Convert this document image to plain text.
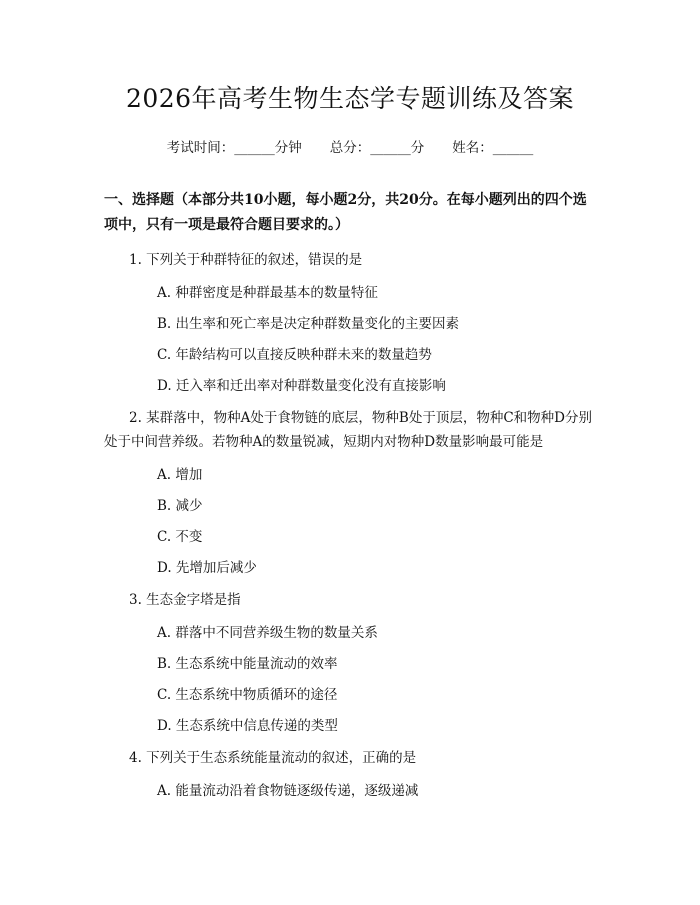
2026年高考生物生态学专题训练及答案
考试时间：______分钟 总分：______分 姓名：______
一、选择题（本部分共10小题，每小题2分，共20分。在每小题列出的四个选项中，只有一项是最符合题目要求的。）
1. 下列关于种群特征的叙述，错误的是
A. 种群密度是种群最基本的数量特征
B. 出生率和死亡率是决定种群数量变化的主要因素
C. 年龄结构可以直接反映种群未来的数量趋势
D. 迁入率和迁出率对种群数量变化没有直接影响
2. 某群落中，物种A处于食物链的底层，物种B处于顶层，物种C和物种D分别处于中间营养级。若物种A的数量锐减，短期内对物种D数量影响最可能是
A. 增加
B. 减少
C. 不变
D. 先增加后减少
3. 生态金字塔是指
A. 群落中不同营养级生物的数量关系
B. 生态系统中能量流动的效率
C. 生态系统中物质循环的途径
D. 生态系统中信息传递的类型
4. 下列关于生态系统能量流动的叙述，正确的是
A. 能量流动沿着食物链逐级传递，逐级递减
